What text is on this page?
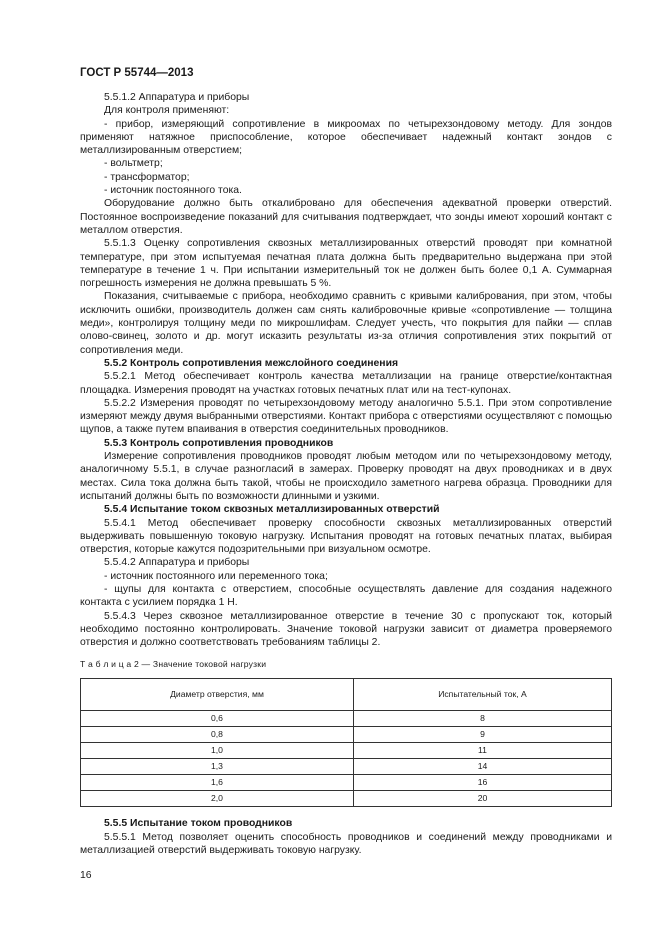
ГОСТ Р 55744—2013

5.5.1.2 Аппаратура и приборы

Для контроля применяют:

- прибор, измеряющий сопротивление в микроомах по четырехзондовому методу. Для зондов применяют натяжное приспособление, которое обеспечивает надежный контакт зондов с металлизированным отверстием;

- вольтметр;

- трансформатор;

- источник постоянного тока.

Оборудование должно быть откалибровано для обеспечения адекватной проверки отверстий. Постоянное воспроизведение показаний для считывания подтверждает, что зонды имеют хороший контакт с металлом отверстия.

5.5.1.3 Оценку сопротивления сквозных металлизированных отверстий проводят при комнатной температуре, при этом испытуемая печатная плата должна быть предварительно выдержана при этой температуре в течение 1 ч. При испытании измерительный ток не должен быть более 0,1 А. Суммарная погрешность измерения не должна превышать 5 %.

Показания, считываемые с прибора, необходимо сравнить с кривыми калибрования, при этом, чтобы исключить ошибки, производитель должен сам снять калибровочные кривые «сопротивление — толщина меди», контролируя толщину меди по микрошлифам. Следует учесть, что покрытия для пайки — сплав олово-свинец, золото и др. могут исказить результаты из-за отличия сопротивления этих покрытий от сопротивления меди.

5.5.2 Контроль сопротивления межслойного соединения

5.5.2.1 Метод обеспечивает контроль качества металлизации на границе отверстие/контактная площадка. Измерения проводят на участках готовых печатных плат или на тест-купонах.

5.5.2.2 Измерения проводят по четырехзондовому методу аналогично 5.5.1. При этом сопротивление измеряют между двумя выбранными отверстиями. Контакт прибора с отверстиями осуществляют с помощью щупов, а также путем впаивания в отверстия соединительных проводников.

5.5.3 Контроль сопротивления проводников

Измерение сопротивления проводников проводят любым методом или по четырехзондовому методу, аналогичному 5.5.1, в случае разногласий в замерах. Проверку проводят на двух проводниках и в двух местах. Сила тока должна быть такой, чтобы не происходило заметного нагрева образца. Проводники для испытаний должны быть по возможности длинными и узкими.

5.5.4 Испытание током сквозных металлизированных отверстий

5.5.4.1 Метод обеспечивает проверку способности сквозных металлизированных отверстий выдерживать повышенную токовую нагрузку. Испытания проводят на готовых печатных платах, выбирая отверстия, которые кажутся подозрительными при визуальном осмотре.

5.5.4.2 Аппаратура и приборы

- источник постоянного или переменного тока;

- щупы для контакта с отверстием, способные осуществлять давление для создания надежного контакта с усилием порядка 1 Н.

5.5.4.3 Через сквозное металлизированное отверстие в течение 30 с пропускают ток, который необходимо постоянно контролировать. Значение токовой нагрузки зависит от диаметра проверяемого отверстия и должно соответствовать требованиям таблицы 2.

Т а б л и ц а 2 — Значение токовой нагрузки
Диаметр отверстия, мм	Испытательный ток, А
0,6	8
0,8	9
1,0	11
1,3	14
1,6	16
2,0	20

5.5.5 Испытание током проводников

5.5.5.1 Метод позволяет оценить способность проводников и соединений между проводниками и металлизацией отверстий выдерживать токовую нагрузку.

16
